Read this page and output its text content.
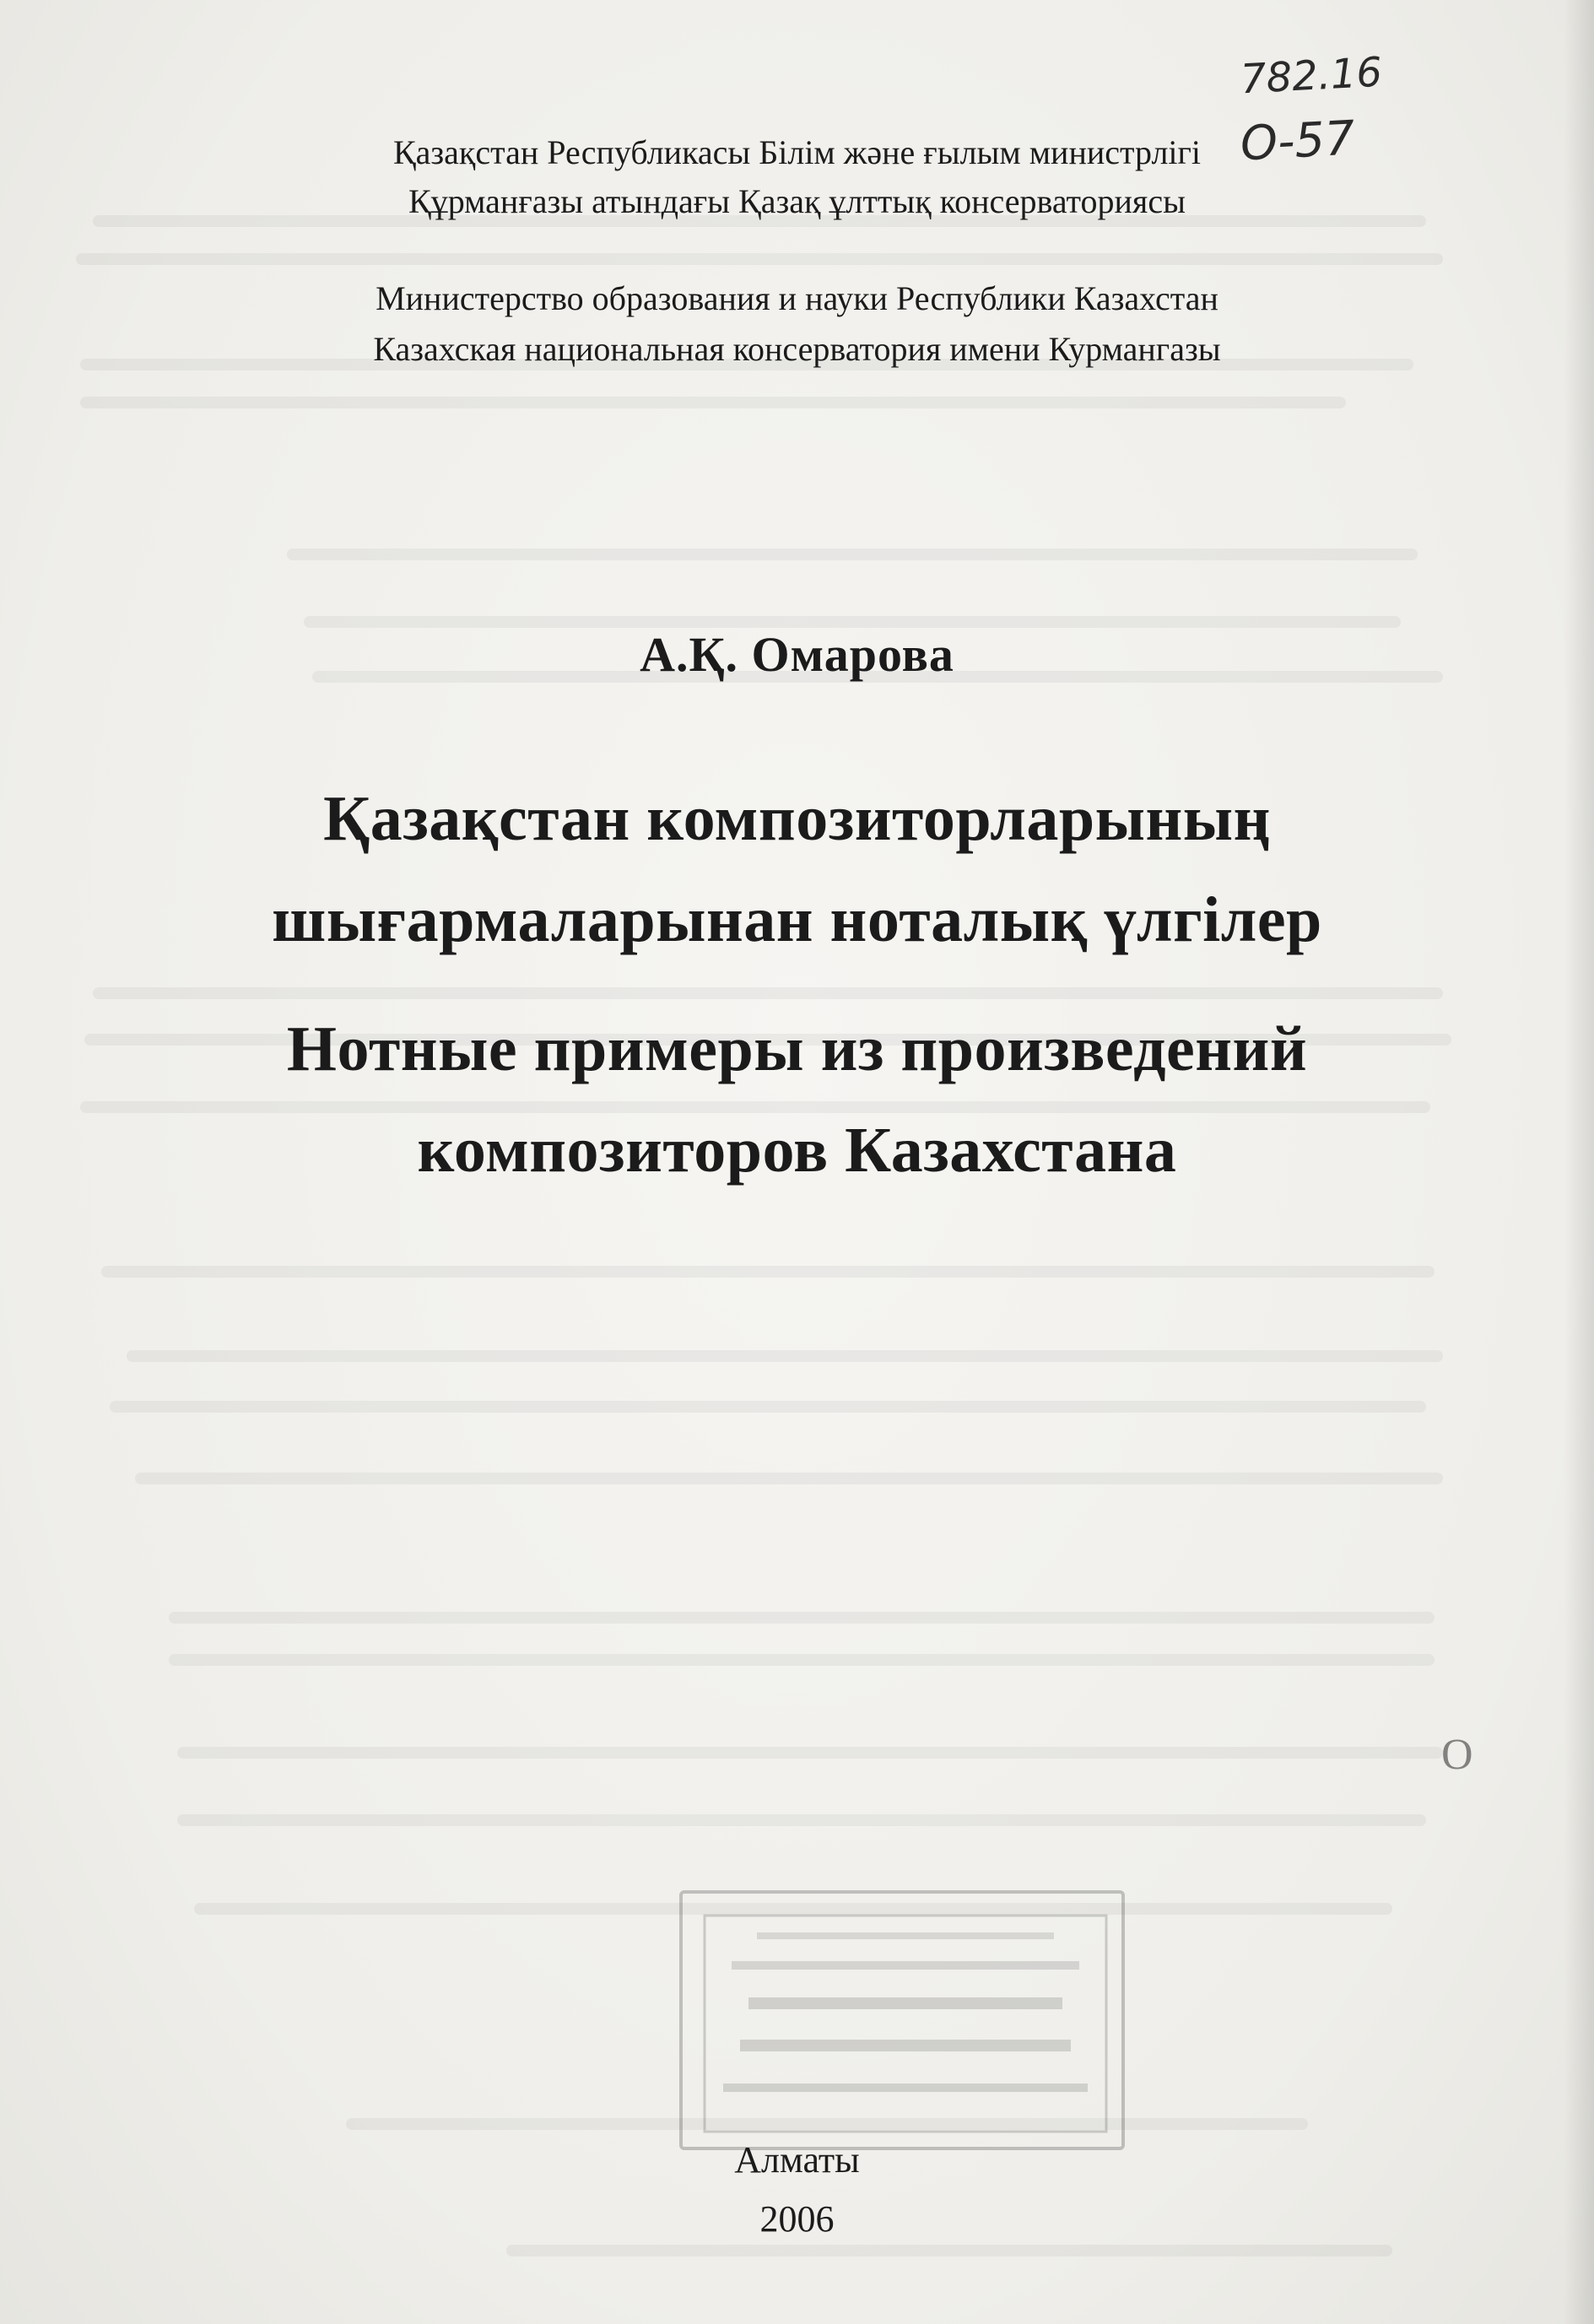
782.16
О-57
Қазақстан Республикасы Білім және ғылым министрлігі
Құрманғазы атындағы Қазақ ұлттық консерваториясы
Министерство образования и науки Республики Казахстан
Казахская национальная консерватория имени Курмангазы
А.Қ. Омарова
Қазақстан композиторларының
шығармаларынан нотaлық үлгілер
Нотные примеры из произведений
композиторов Казахстана
O
Алматы
2006
